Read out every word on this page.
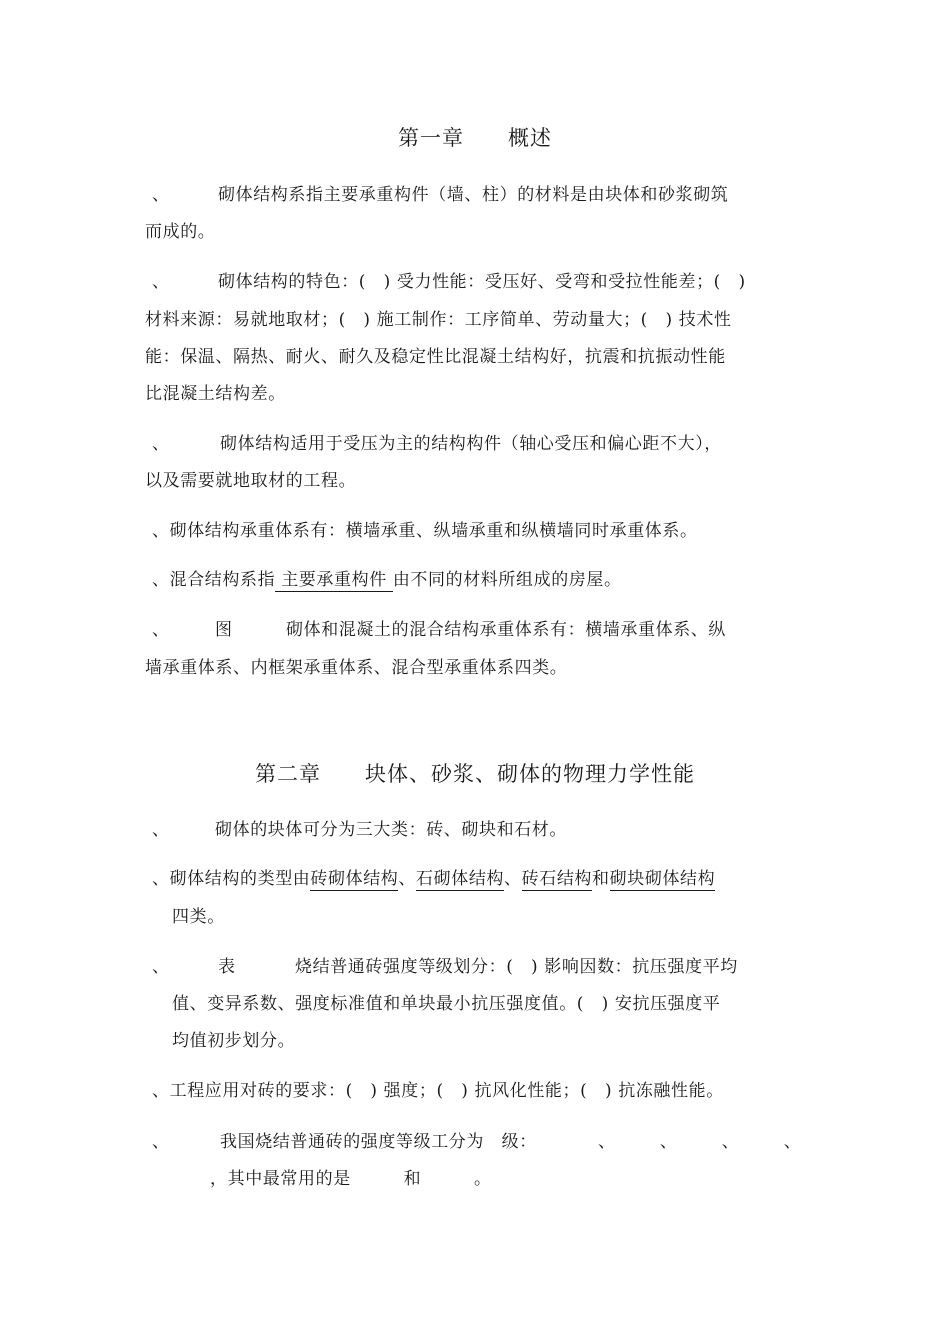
第一章　　概述
、	砌体结构系指主要承重构件（墙、柱）的材料是由块体和砂浆砌筑
而成的。
、	砌体结构的特色：(　) 受力性能：受压好、受弯和受拉性能差；(　)
材料来源：易就地取材；(　) 施工制作：工序简单、劳动量大；(　) 技术性
能：保温、隔热、耐火、耐久及稳定性比混凝土结构好，抗震和抗振动性能
比混凝土结构差。
、	砌体结构适用于受压为主的结构构件（轴心受压和偏心距不大），
以及需要就地取材的工程。
、砌体结构承重体系有：横墙承重、纵墙承重和纵横墙同时承重体系。
、混合结构系指 主要承重构件 由不同的材料所组成的房屋。
、	图	砌体和混凝土的混合结构承重体系有：横墙承重体系、纵
墙承重体系、内框架承重体系、混合型承重体系四类。
第二章　　块体、砂浆、砌体的物理力学性能
、	砌体的块体可分为三大类：砖、砌块和石材。
、砌体结构的类型由砖砌体结构、石砌体结构、砖石结构和砌块砌体结构
四类。
、	表	烧结普通砖强度等级划分：(　) 影响因数：抗压强度平均
值、变异系数、强度标准值和单块最小抗压强度值。(　) 安抗压强度平
均值初步划分。
、工程应用对砖的要求：(　) 强度；(　) 抗风化性能；(　) 抗冻融性能。
、	我国烧结普通砖的强度等级工分为　级：	、　　　、　　　、　　　、
，其中最常用的是　　　和　　　。
